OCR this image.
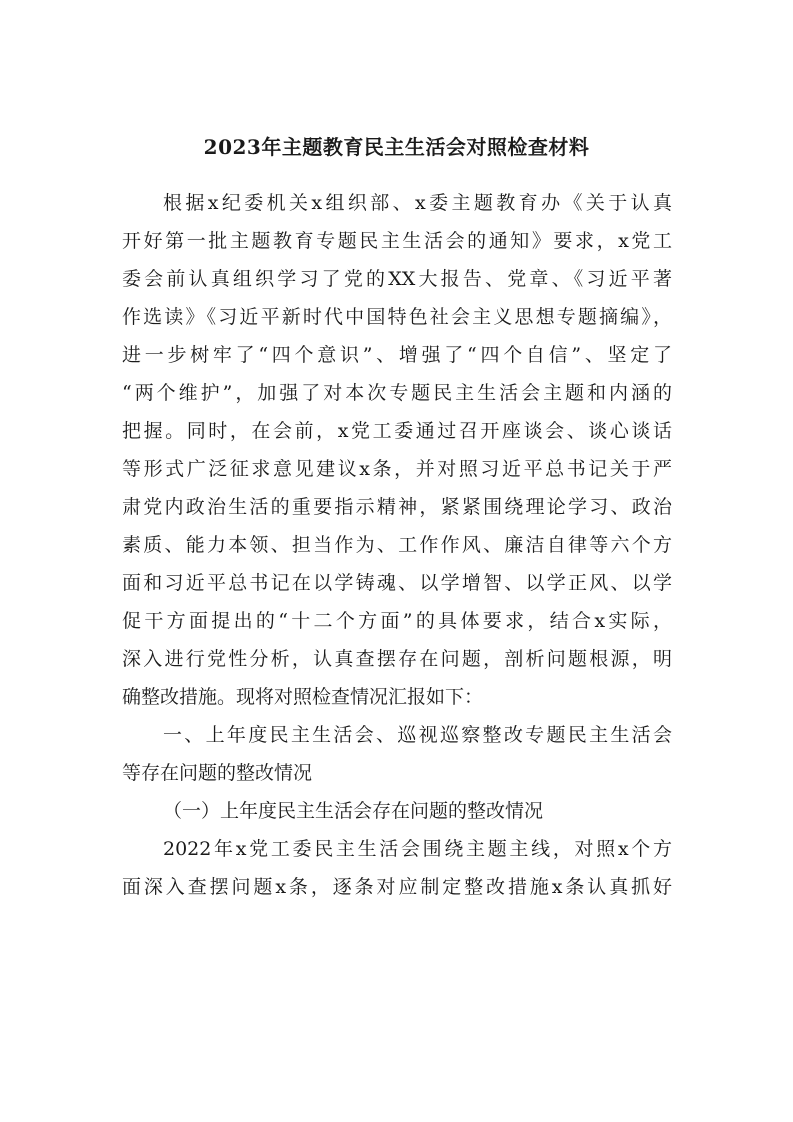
2023年主题教育民主生活会对照检查材料
根据x纪委机关x组织部、x委主题教育办《关于认真
开好第一批主题教育专题民主生活会的通知》要求，x党工
委会前认真组织学习了党的XX大报告、党章、《习近平著
作选读》《习近平新时代中国特色社会主义思想专题摘编》，
进一步树牢了“四个意识”、增强了“四个自信”、坚定了
“两个维护”，加强了对本次专题民主生活会主题和内涵的
把握。同时，在会前，x党工委通过召开座谈会、谈心谈话
等形式广泛征求意见建议x条，并对照习近平总书记关于严
肃党内政治生活的重要指示精神，紧紧围绕理论学习、政治
素质、能力本领、担当作为、工作作风、廉洁自律等六个方
面和习近平总书记在以学铸魂、以学增智、以学正风、以学
促干方面提出的“十二个方面”的具体要求，结合x实际，
深入进行党性分析，认真查摆存在问题，剖析问题根源，明
确整改措施。现将对照检查情况汇报如下：
一、上年度民主生活会、巡视巡察整改专题民主生活会
等存在问题的整改情况
（一）上年度民主生活会存在问题的整改情况
2022年x党工委民主生活会围绕主题主线，对照x个方
面深入查摆问题x条，逐条对应制定整改措施x条认真抓好
